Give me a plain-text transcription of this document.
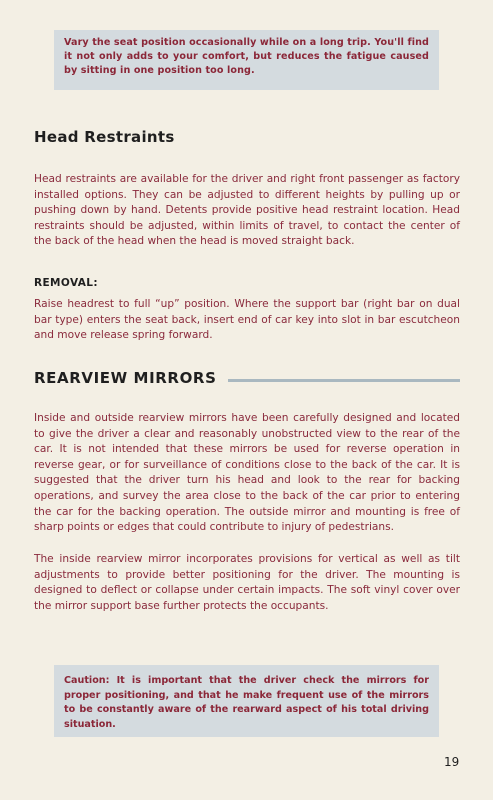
Vary the seat position occasionally while on a long trip. You'll find it not only adds to your comfort, but reduces the fatigue caused by sitting in one position too long.

Head Restraints

Head restraints are available for the driver and right front passenger as factory installed options. They can be adjusted to different heights by pulling up or pushing down by hand. Detents provide positive head restraint location. Head restraints should be adjusted, within limits of travel, to contact the center of the back of the head when the head is moved straight back.

REMOVAL:

Raise headrest to full “up” position. Where the support bar (right bar on dual bar type) enters the seat back, insert end of car key into slot in bar escutcheon and move release spring forward.

REARVIEW MIRRORS

Inside and outside rearview mirrors have been carefully designed and located to give the driver a clear and reasonably unobstructed view to the rear of the car. It is not intended that these mirrors be used for reverse operation in reverse gear, or for surveillance of conditions close to the back of the car. It is suggested that the driver turn his head and look to the rear for backing operations, and survey the area close to the back of the car prior to entering the car for the backing operation. The outside mirror and mounting is free of sharp points or edges that could contribute to injury of pedestrians.

The inside rearview mirror incorporates provisions for vertical as well as tilt adjustments to provide better positioning for the driver. The mounting is designed to deflect or collapse under certain impacts. The soft vinyl cover over the mirror support base further protects the occupants.

Caution: It is important that the driver check the mirrors for proper positioning, and that he make frequent use of the mirrors to be constantly aware of the rearward aspect of his total driving situation.

19
